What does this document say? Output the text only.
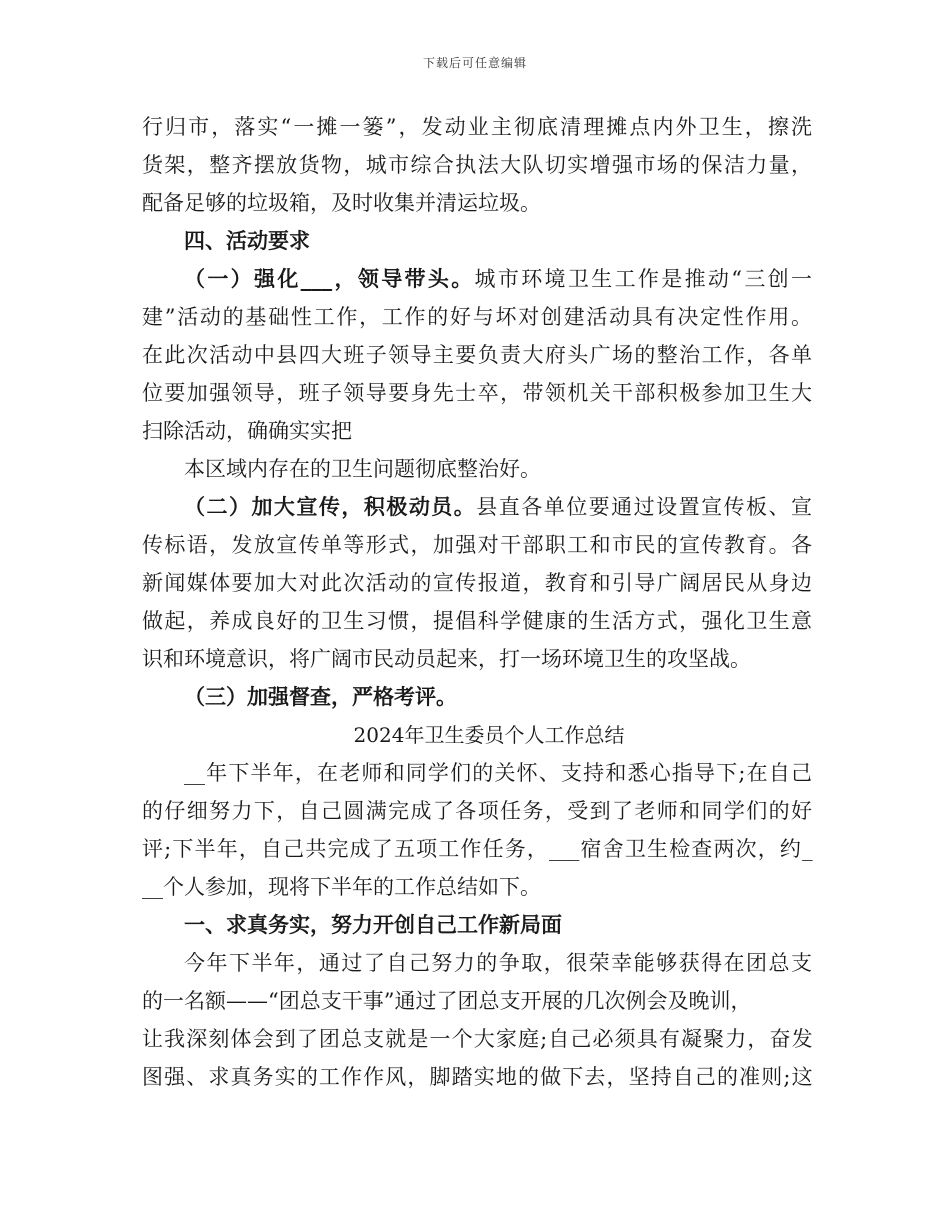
下载后可任意编辑
行归市，落实“一摊一篓”，发动业主彻底清理摊点内外卫生，擦洗
货架，整齐摆放货物，城市综合执法大队切实增强市场的保洁力量，
配备足够的垃圾箱，及时收集并清运垃圾。
四、活动要求
（一）强化___，领导带头。城市环境卫生工作是推动“三创一
建”活动的基础性工作，工作的好与坏对创建活动具有决定性作用。
在此次活动中县四大班子领导主要负责大府头广场的整治工作，各单
位要加强领导，班子领导要身先士卒，带领机关干部积极参加卫生大
扫除活动，确确实实把
本区域内存在的卫生问题彻底整治好。
（二）加大宣传，积极动员。县直各单位要通过设置宣传板、宣
传标语，发放宣传单等形式，加强对干部职工和市民的宣传教育。各
新闻媒体要加大对此次活动的宣传报道，教育和引导广阔居民从身边
做起，养成良好的卫生习惯，提倡科学健康的生活方式，强化卫生意
识和环境意识，将广阔市民动员起来，打一场环境卫生的攻坚战。
（三）加强督查，严格考评。
2024年卫生委员个人工作总结
__年下半年，在老师和同学们的关怀、支持和悉心指导下;在自己
的仔细努力下，自己圆满完成了各项任务，受到了老师和同学们的好
评;下半年，自己共完成了五项工作任务，___宿舍卫生检查两次，约_
__个人参加，现将下半年的工作总结如下。
一、求真务实，努力开创自己工作新局面
今年下半年，通过了自己努力的争取，很荣幸能够获得在团总支
的一名额——“团总支干事”通过了团总支开展的几次例会及晚训，
让我深刻体会到了团总支就是一个大家庭;自己必须具有凝聚力，奋发
图强、求真务实的工作作风，脚踏实地的做下去，坚持自己的准则;这
